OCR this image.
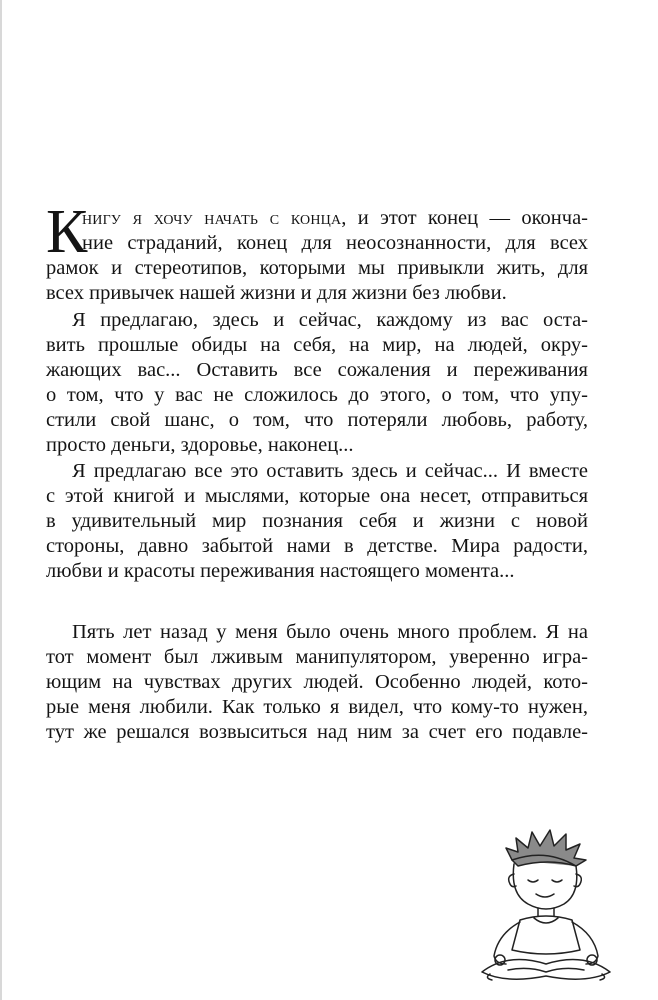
К
нигу я хочу начать с конца, и этот конец — оконча-
ние страданий, конец для неосознанности, для всех
рамок и стереотипов, которыми мы привыкли жить, для
всех привычек нашей жизни и для жизни без любви.
Я предлагаю, здесь и сейчас, каждому из вас оста-
вить прошлые обиды на себя, на мир, на людей, окру-
жающих вас... Оставить все сожаления и переживания
о том, что у вас не сложилось до этого, о том, что упу-
стили свой шанс, о том, что потеряли любовь, работу,
просто деньги, здоровье, наконец...
Я предлагаю все это оставить здесь и сейчас... И вместе
с этой книгой и мыслями, которые она несет, отправиться
в удивительный мир познания себя и жизни с новой
стороны, давно забытой нами в детстве. Мира радости,
любви и красоты переживания настоящего момента...
Пять лет назад у меня было очень много проблем. Я на
тот момент был лживым манипулятором, уверенно игра-
ющим на чувствах других людей. Особенно людей, кото-
рые меня любили. Как только я видел, что кому-то нужен,
тут же решался возвыситься над ним за счет его подавле-
